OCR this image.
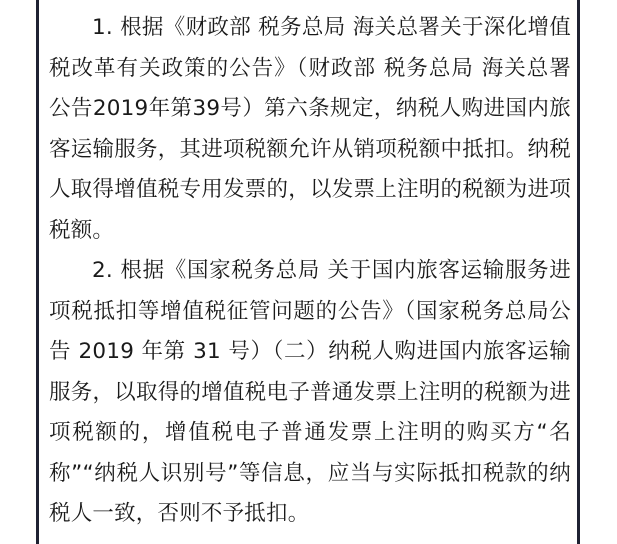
1. 根据《财政部 税务总局 海关总署关于深化增值税改革有关政策的公告》（财政部 税务总局 海关总署公告2019年第39号）第六条规定，纳税人购进国内旅客运输服务，其进项税额允许从销项税额中抵扣。纳税人取得增值税专用发票的，以发票上注明的税额为进项税额。

2. 根据《国家税务总局 关于国内旅客运输服务进项税抵扣等增值税征管问题的公告》（国家税务总局公告 2019 年第 31 号）（二）纳税人购进国内旅客运输服务，以取得的增值税电子普通发票上注明的税额为进项税额的，增值税电子普通发票上注明的购买方“名称”“纳税人识别号”等信息，应当与实际抵扣税款的纳税人一致，否则不予抵扣。
